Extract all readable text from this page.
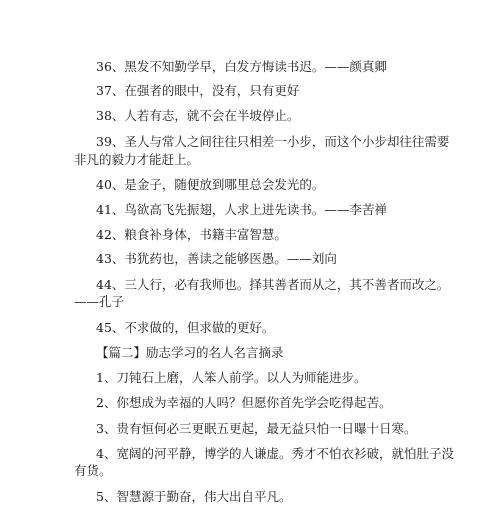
36、黑发不知勤学早，白发方悔读书迟。——颜真卿

37、在强者的眼中，没有，只有更好

38、人若有志，就不会在半坡停止。

39、圣人与常人之间往往只相差一小步，而这个小步却往往需要

非凡的毅力才能赶上。

40、是金子，随便放到哪里总会发光的。

41、鸟欲高飞先振翅，人求上进先读书。——李苦禅

42、粮食补身体，书籍丰富智慧。

43、书犹药也，善读之能够医愚。——刘向

44、三人行，必有我师也。择其善者而从之，其不善者而改之。

——孔子

45、不求做的，但求做的更好。

【篇二】励志学习的名人名言摘录

1、刀钝石上磨，人笨人前学。以人为师能进步。

2、你想成为幸福的人吗？但愿你首先学会吃得起苦。

3、贵有恒何必三更眠五更起，最无益只怕一日曝十日寒。

4、宽阔的河平静，博学的人谦虚。秀才不怕衣衫破，就怕肚子没

有货。

5、智慧源于勤奋，伟大出自平凡。
